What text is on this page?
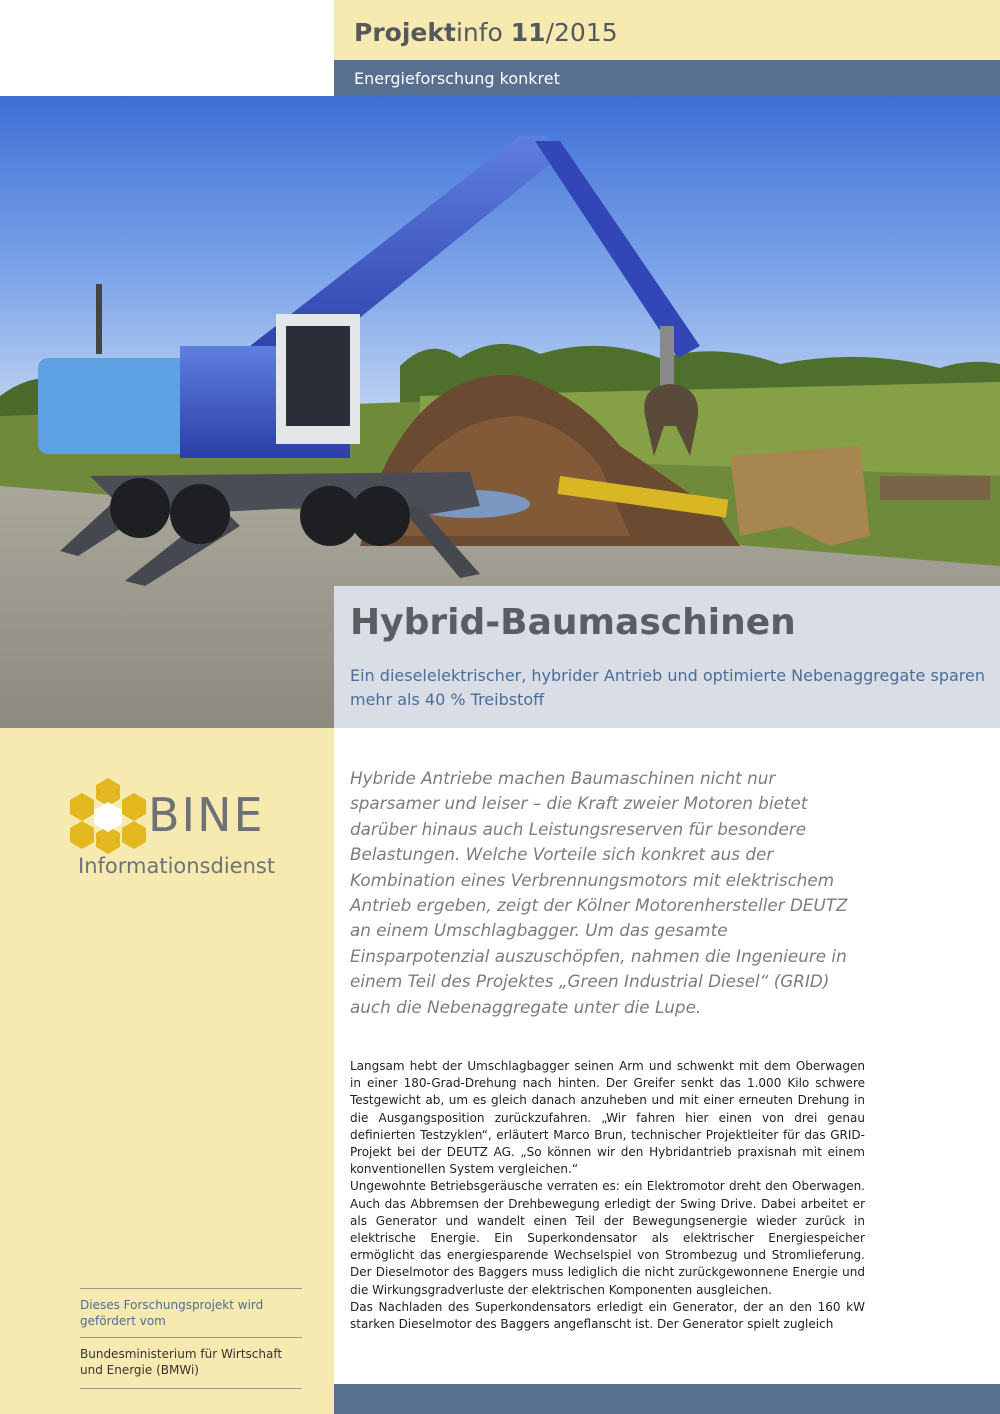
Projektinfo 11/2015
Energieforschung konkret
Hybrid-Baumaschinen

Ein dieselelektrischer, hybrider Antrieb und optimierte Nebenaggregate sparen mehr als 40 % Treibstoff

BINE
Informationsdienst
Dieses Forschungsprojekt wird gefördert vom
Bundesministerium für Wirtschaft und Energie (BMWi)

Hybride Antriebe machen Baumaschinen nicht nur sparsamer und leiser – die Kraft zweier Motoren bietet darüber hinaus auch Leistungsreserven für besondere Belastungen. Welche Vorteile sich konkret aus der Kombination eines Verbrennungsmotors mit elektrischem Antrieb ergeben, zeigt der Kölner Motorenhersteller DEUTZ an einem Umschlagbagger. Um das gesamte Einsparpotenzial auszuschöpfen, nahmen die Ingenieure in einem Teil des Projektes „Green Industrial Diesel“ (GRID) auch die Nebenaggregate unter die Lupe.

Langsam hebt der Umschlagbagger seinen Arm und schwenkt mit dem Oberwagen in einer 180-Grad-Drehung nach hinten. Der Greifer senkt das 1.000 Kilo schwere Testgewicht ab, um es gleich danach anzuheben und mit einer erneuten Drehung in die Ausgangsposition zurückzufahren. „Wir fahren hier einen von drei genau definierten Testzyklen“, erläutert Marco Brun, technischer Projektleiter für das GRID-Projekt bei der DEUTZ AG. „So können wir den Hybridantrieb praxisnah mit einem konventionellen System vergleichen.“

Ungewohnte Betriebsgeräusche verraten es: ein Elektromotor dreht den Oberwagen. Auch das Abbremsen der Drehbewegung erledigt der Swing Drive. Dabei arbeitet er als Generator und wandelt einen Teil der Bewegungsenergie wieder zurück in elektrische Energie. Ein Superkondensator als elektrischer Energiespeicher ermöglicht das energiesparende Wechselspiel von Strombezug und Stromlieferung. Der Dieselmotor des Baggers muss lediglich die nicht zurückgewonnene Energie und die Wirkungsgradverluste der elektrischen Komponenten ausgleichen.

Das Nachladen des Superkondensators erledigt ein Generator, der an den 160 kW starken Dieselmotor des Baggers angeflanscht ist. Der Generator spielt zugleich
